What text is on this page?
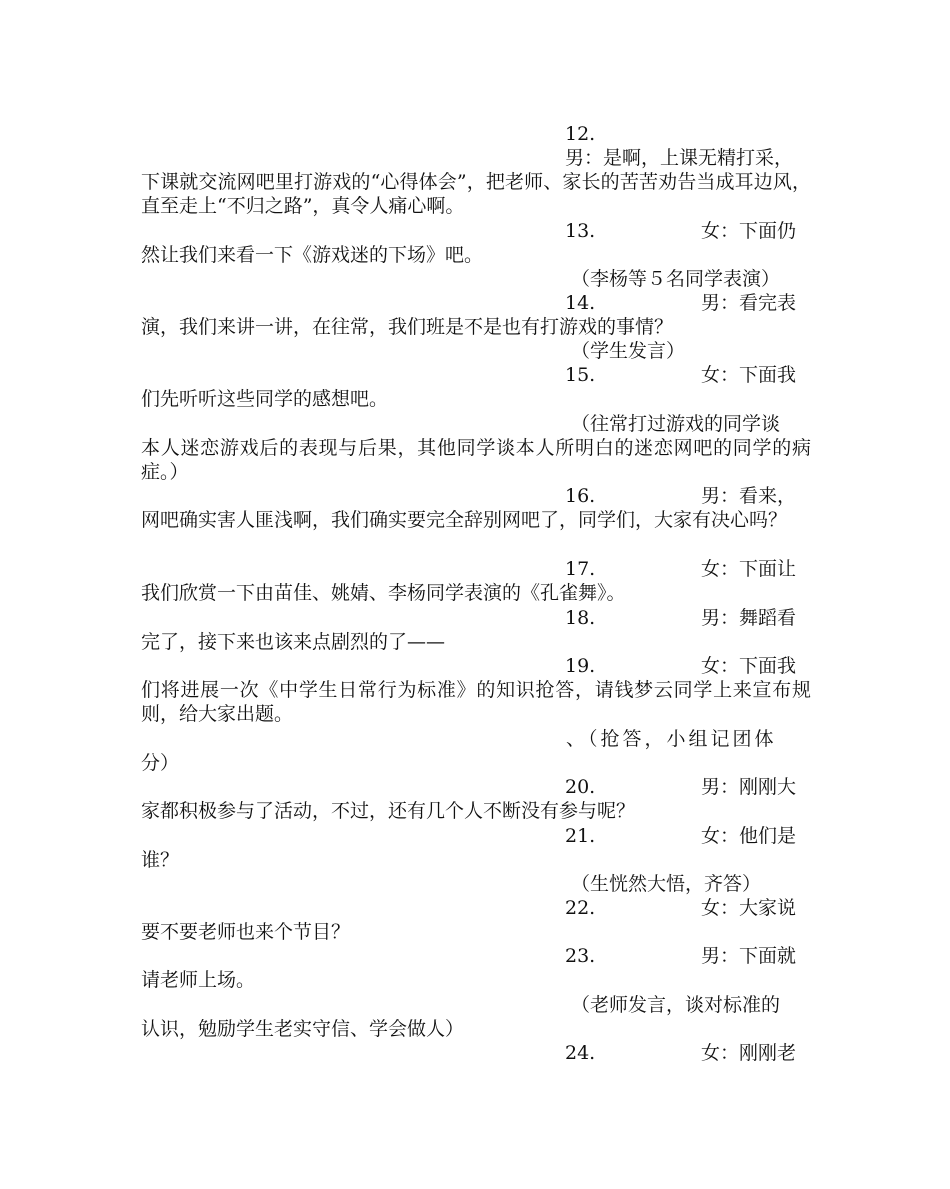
12.
男：是啊，上课无精打采，
下课就交流网吧里打游戏的“心得体会”，把老师、家长的苦苦劝告当成耳边风，直至走上“不归之路”，真令人痛心啊。
13.	女：下面仍
然让我们来看一下《游戏迷的下场》吧。
（李杨等５名同学表演）
14.	男：看完表
演，我们来讲一讲，在往常，我们班是不是也有打游戏的事情？
（学生发言）
15.	女：下面我
们先听听这些同学的感想吧。
（往常打过游戏的同学谈
本人迷恋游戏后的表现与后果，其他同学谈本人所明白的迷恋网吧的同学的病症。）
16.	男：看来，
网吧确实害人匪浅啊，我们确实要完全辞别网吧了，同学们，大家有决心吗？
17.	女：下面让
我们欣赏一下由苗佳、姚婧、李杨同学表演的《孔雀舞》。
18.	男：舞蹈看
完了，接下来也该来点剧烈的了——
19.	女：下面我
们将进展一次《中学生日常行为标准》的知识抢答，请钱梦云同学上来宣布规则，给大家出题。
、（抢答，小组记团体
分）
20.	男：刚刚大
家都积极参与了活动，不过，还有几个人不断没有参与呢？
21.	女：他们是
谁？
（生恍然大悟，齐答）
22.	女：大家说
要不要老师也来个节目？
23.	男：下面就
请老师上场。
（老师发言，谈对标准的
认识，勉励学生老实守信、学会做人）
24.	女：刚刚老
